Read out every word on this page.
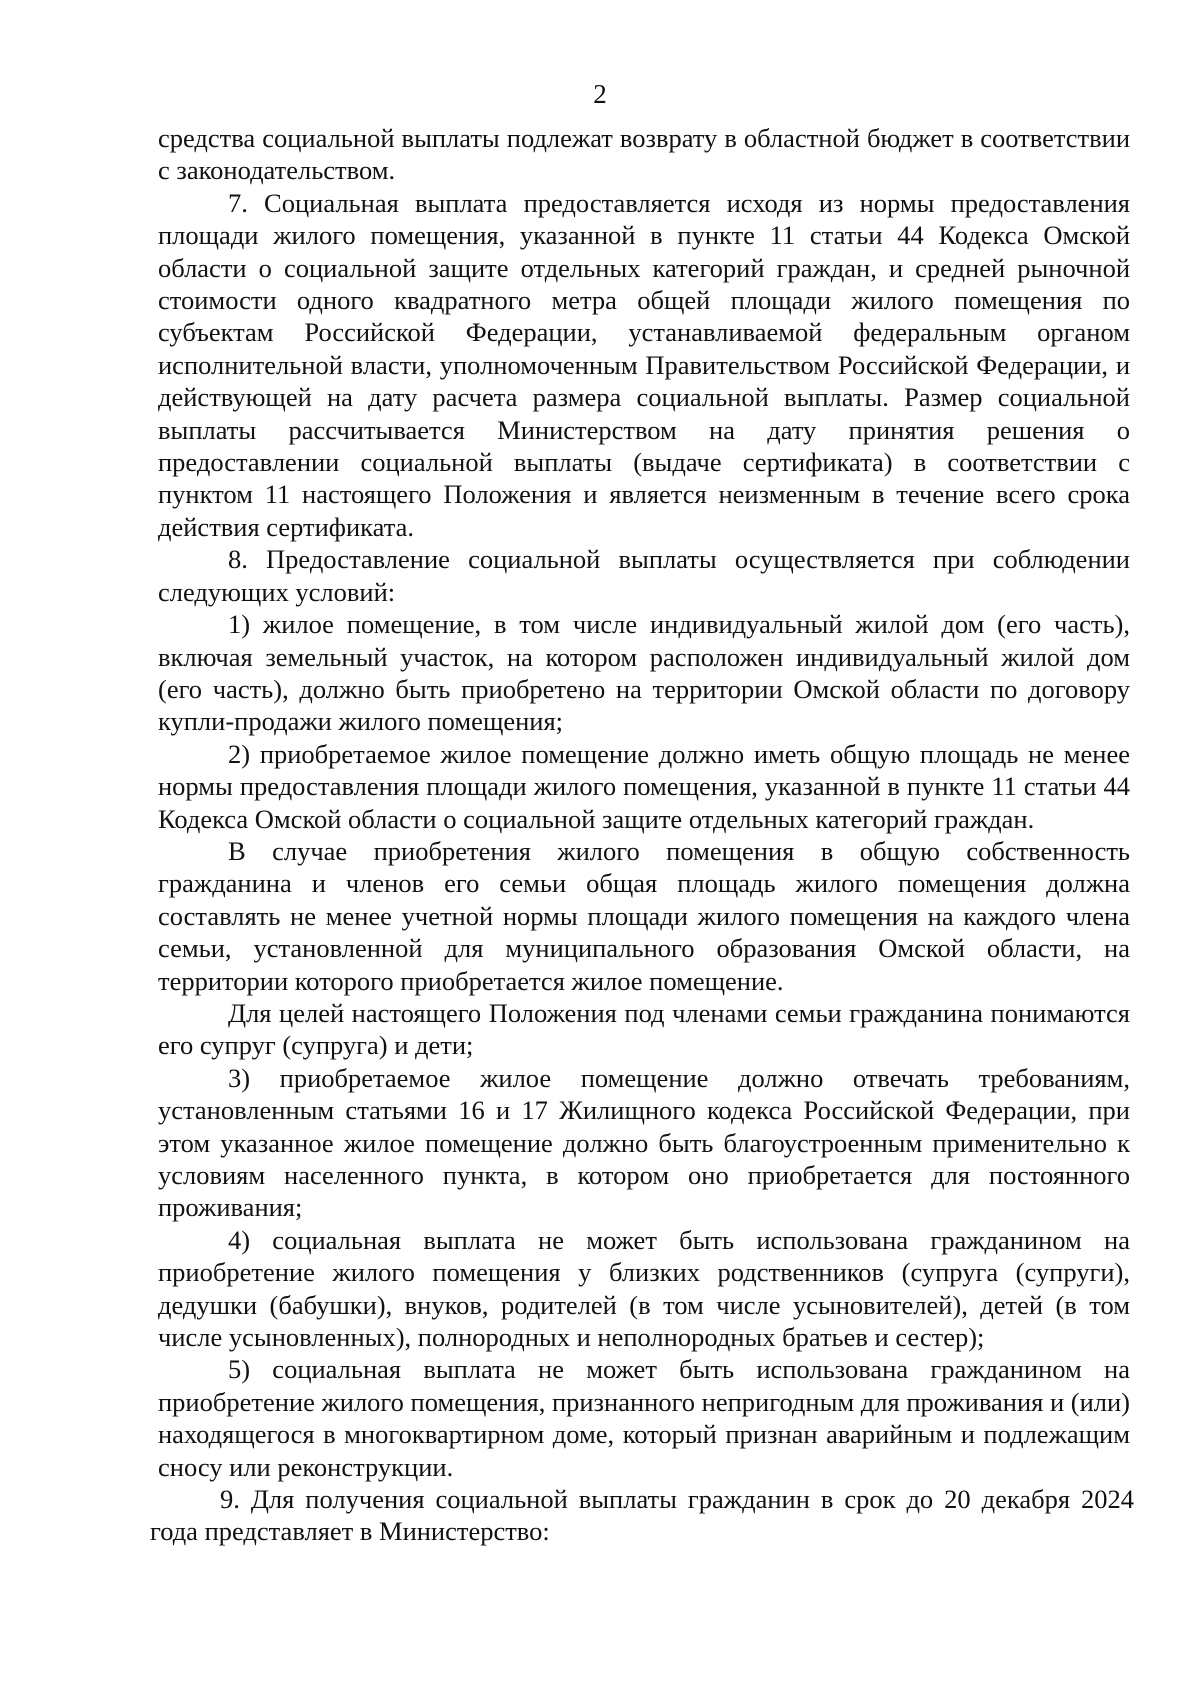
2

средства социальной выплаты подлежат возврату в областной бюджет в соответствии с законодательством.

7. Социальная выплата предоставляется исходя из нормы предоставления площади жилого помещения, указанной в пункте 11 статьи 44 Кодекса Омской области о социальной защите отдельных категорий граждан, и средней рыночной стоимости одного квадратного метра общей площади жилого помещения по субъектам Российской Федерации, устанавливаемой федеральным органом исполнительной власти, уполномоченным Правительством Российской Федерации, и действующей на дату расчета размера социальной выплаты. Размер социальной выплаты рассчитывается Министерством на дату принятия решения о предоставлении социальной выплаты (выдаче сертификата) в соответствии с пунктом 11 настоящего Положения и является неизменным в течение всего срока действия сертификата.

8. Предоставление социальной выплаты осуществляется при соблюдении следующих условий:

1) жилое помещение, в том числе индивидуальный жилой дом (его часть), включая земельный участок, на котором расположен индивидуальный жилой дом (его часть), должно быть приобретено на территории Омской области по договору купли-продажи жилого помещения;

2) приобретаемое жилое помещение должно иметь общую площадь не менее нормы предоставления площади жилого помещения, указанной в пункте 11 статьи 44 Кодекса Омской области о социальной защите отдельных категорий граждан.

В случае приобретения жилого помещения в общую собственность гражданина и членов его семьи общая площадь жилого помещения должна составлять не менее учетной нормы площади жилого помещения на каждого члена семьи, установленной для муниципального образования Омской области, на территории которого приобретается жилое помещение.

Для целей настоящего Положения под членами семьи гражданина понимаются его супруг (супруга) и дети;

3) приобретаемое жилое помещение должно отвечать требованиям, установленным статьями 16 и 17 Жилищного кодекса Российской Федерации, при этом указанное жилое помещение должно быть благоустроенным применительно к условиям населенного пункта, в котором оно приобретается для постоянного проживания;

4) социальная выплата не может быть использована гражданином на приобретение жилого помещения у близких родственников (супруга (супруги), дедушки (бабушки), внуков, родителей (в том числе усыновителей), детей (в том числе усыновленных), полнородных и неполнородных братьев и сестер);

5) социальная выплата не может быть использована гражданином на приобретение жилого помещения, признанного непригодным для проживания и (или) находящегося в многоквартирном доме, который признан аварийным и подлежащим сносу или реконструкции.

9. Для получения социальной выплаты гражданин в срок до 20 декабря 2024 года представляет в Министерство:
